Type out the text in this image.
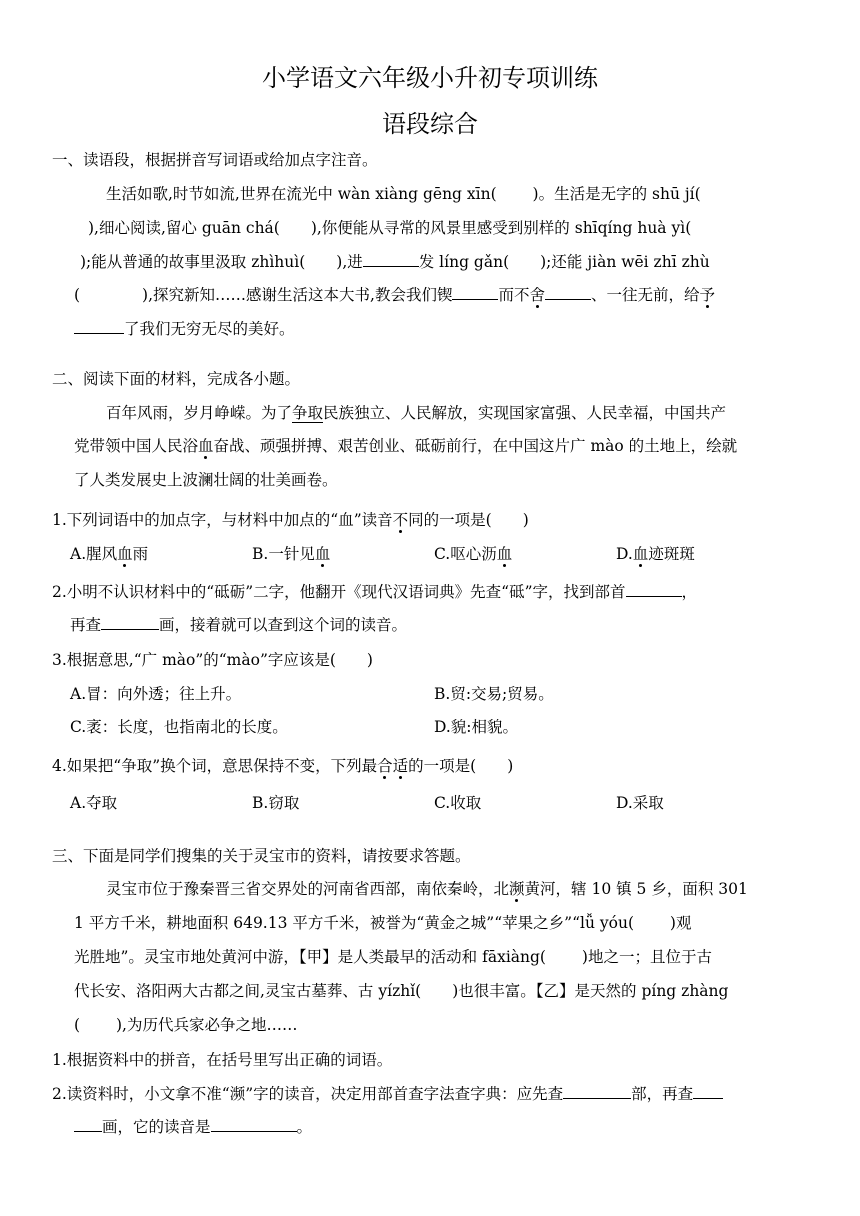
小学语文六年级小升初专项训练
语段综合
一、读语段，根据拼音写词语或给加点字注音。
生活如歌,时节如流,世界在流光中 wàn xiàng gēng xīn(　　 )。生活是无字的 shū jí(
),细心阅读,留心 guān chá(　　),你便能从寻常的风景里感受到别样的 shīqíng huà yì(
);能从普通的故事里汲取 zhìhuì(　　),进	发 líng gǎn(　　);还能 jiàn wēi zhī zhù
(　　　　),探究新知……感谢生活这本大书,教会我们锲	而不舍	、一往无前，给予
了我们无穷无尽的美好。
二、阅读下面的材料，完成各小题。
百年风雨，岁月峥嵘。为了争取民族独立、人民解放，实现国家富强、人民幸福，中国共产
党带领中国人民浴血奋战、顽强拼搏、艰苦创业、砥砺前行，在中国这片广 mào 的土地上，绘就
了人类发展史上波澜壮阔的壮美画卷。
1.下列词语中的加点字，与材料中加点的“血”读音不同的一项是(　　)
A.腥风血雨	B.一针见血	C.呕心沥血	D.血迹斑斑
2.小明不认识材料中的“砥砺”二字，他翻开《现代汉语词典》先查“砥”字，找到部首	，
再查	画，接着就可以查到这个词的读音。
3.根据意思,“广 mào”的“mào”字应该是(　　)
A.冒：向外透；往上升。	B.贸:交易;贸易。
C.袤：长度，也指南北的长度。	D.貌:相貌。
4.如果把“争取”换个词，意思保持不变，下列最合适的一项是(　　)
A.夺取	B.窃取	C.收取	D.采取
三、下面是同学们搜集的关于灵宝市的资料，请按要求答题。
灵宝市位于豫秦晋三省交界处的河南省西部，南依秦岭，北濒黄河，辖 10 镇 5 乡，面积 301
1 平方千米，耕地面积 649.13 平方千米，被誉为“黄金之城”“苹果之乡”“lǚ yóu(　　 )观
光胜地”。灵宝市地处黄河中游，【甲】是人类最早的活动和 fāxiàng(　　 )地之一；且位于古
代长安、洛阳两大古都之间,灵宝古墓葬、古 yízhǐ(　　)也很丰富。【乙】是天然的 píng zhàng
(　　 ),为历代兵家必争之地……
1.根据资料中的拼音，在括号里写出正确的词语。
2.读资料时，小文拿不准“濒”字的读音，决定用部首查字法查字典：应先查	部，再查
画，它的读音是	。
